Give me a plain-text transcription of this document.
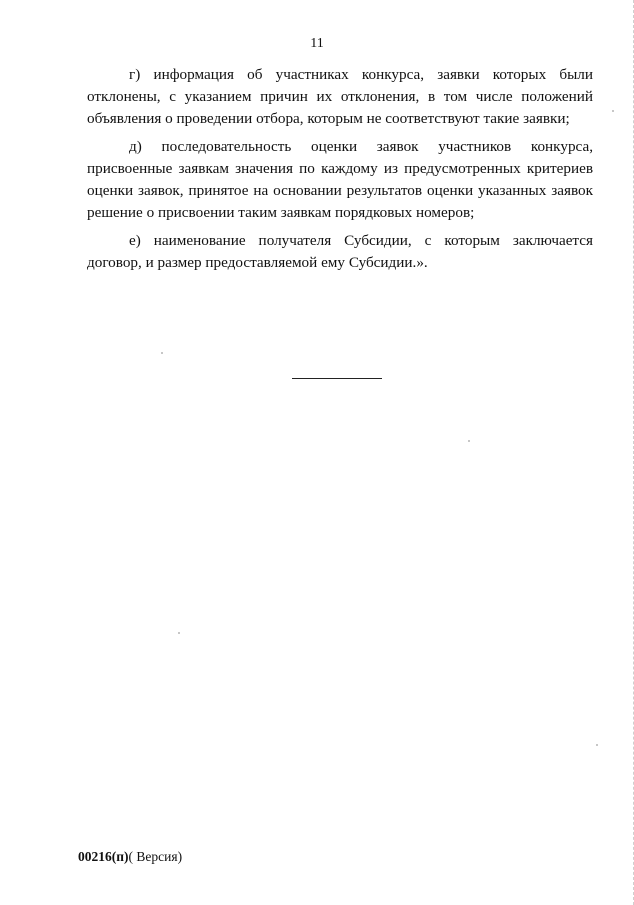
11

г) информация об участниках конкурса, заявки которых были отклонены, с указанием причин их отклонения, в том числе положений объявления о проведении отбора, которым не соответствуют такие заявки;

д) последовательность оценки заявок участников конкурса, присвоенные заявкам значения по каждому из предусмотренных критериев оценки заявок, принятое на основании результатов оценки указанных заявок решение о присвоении таким заявкам порядковых номеров;

е) наименование получателя Субсидии, с которым заключается договор, и размер предоставляемой ему Субсидии.».

00216(п)( Версия)
